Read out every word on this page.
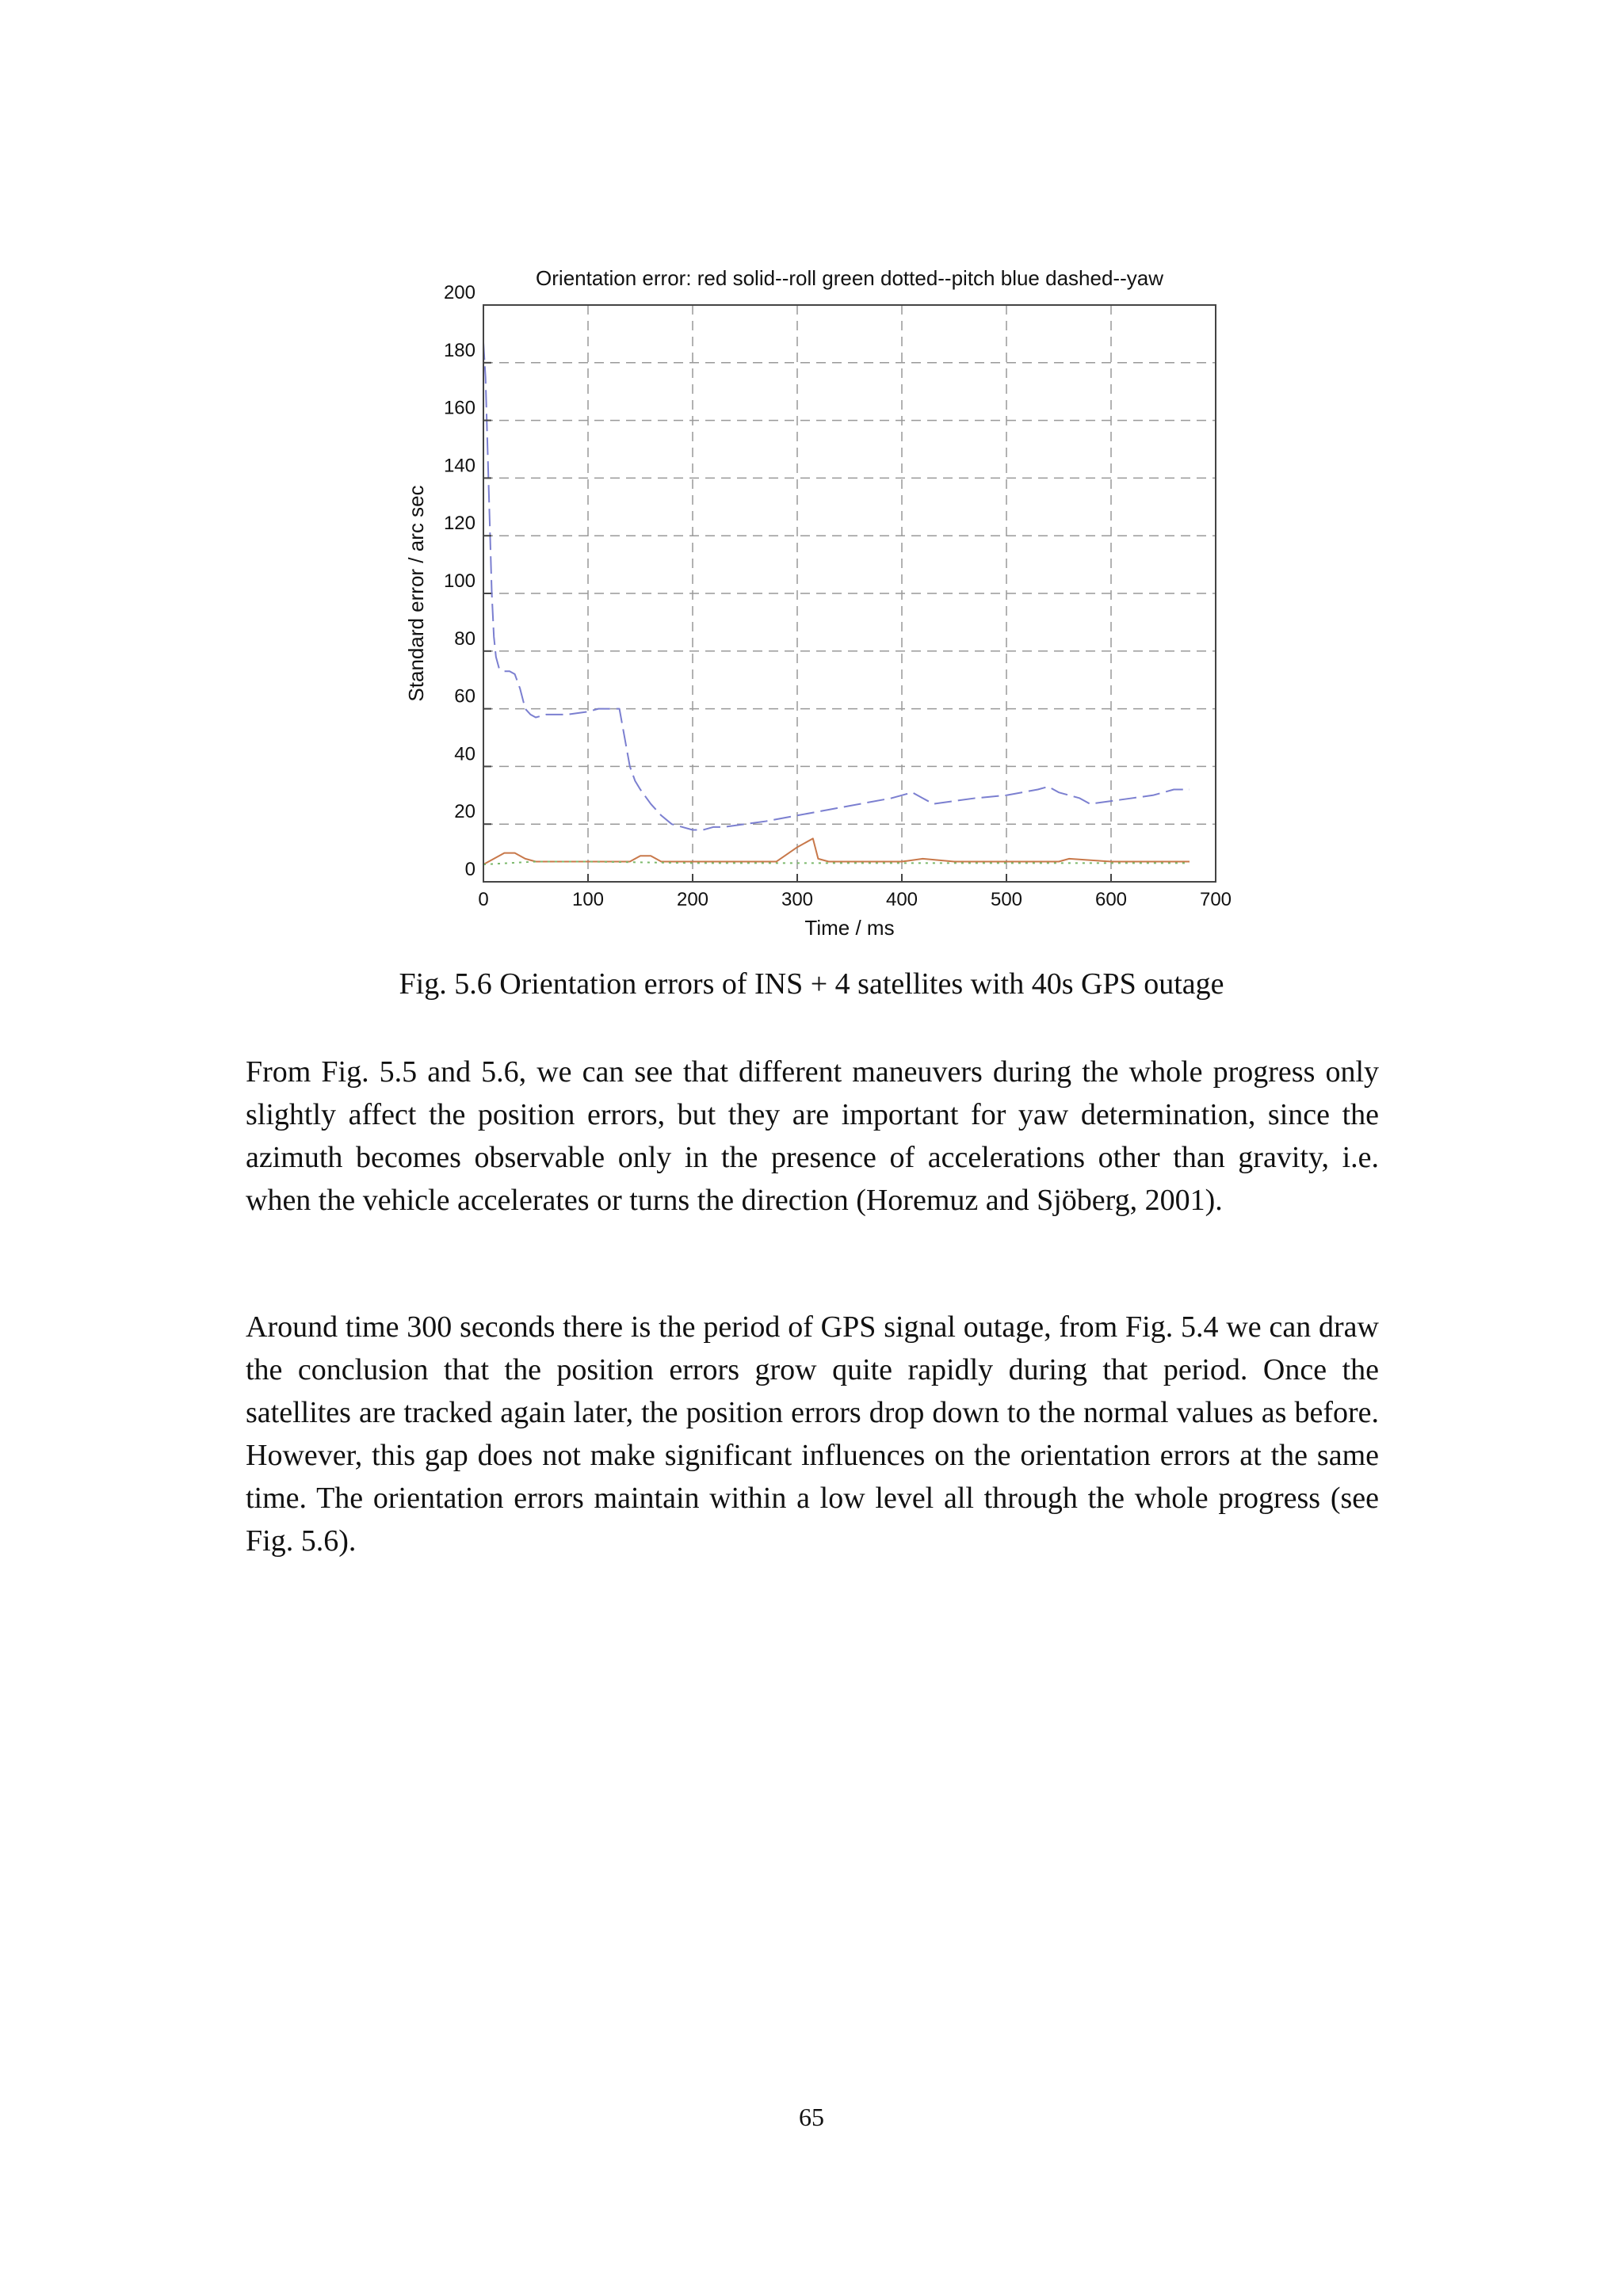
0	100	200	300	400	500	600	700
0
20
40
60
80
100
120
140
160
180
200
Orientation error: red solid--roll green dotted--pitch blue dashed--yaw
Time / ms
Standard error / arc sec
Fig. 5.6 Orientation errors of INS + 4 satellites with 40s GPS outage

From Fig. 5.5 and 5.6, we can see that different maneuvers during the whole progress only slightly affect the position errors, but they are important for yaw determination, since the azimuth becomes observable only in the presence of accelerations other than gravity, i.e. when the vehicle accelerates or turns the direction (Horemuz and Sjöberg, 2001).

Around time 300 seconds there is the period of GPS signal outage, from Fig. 5.4 we can draw the conclusion that the position errors grow quite rapidly during that period. Once the satellites are tracked again later, the position errors drop down to the normal values as before. However, this gap does not make significant influences on the orientation errors at the same time. The orientation errors maintain within a low level all through the whole progress (see Fig. 5.6).

65
